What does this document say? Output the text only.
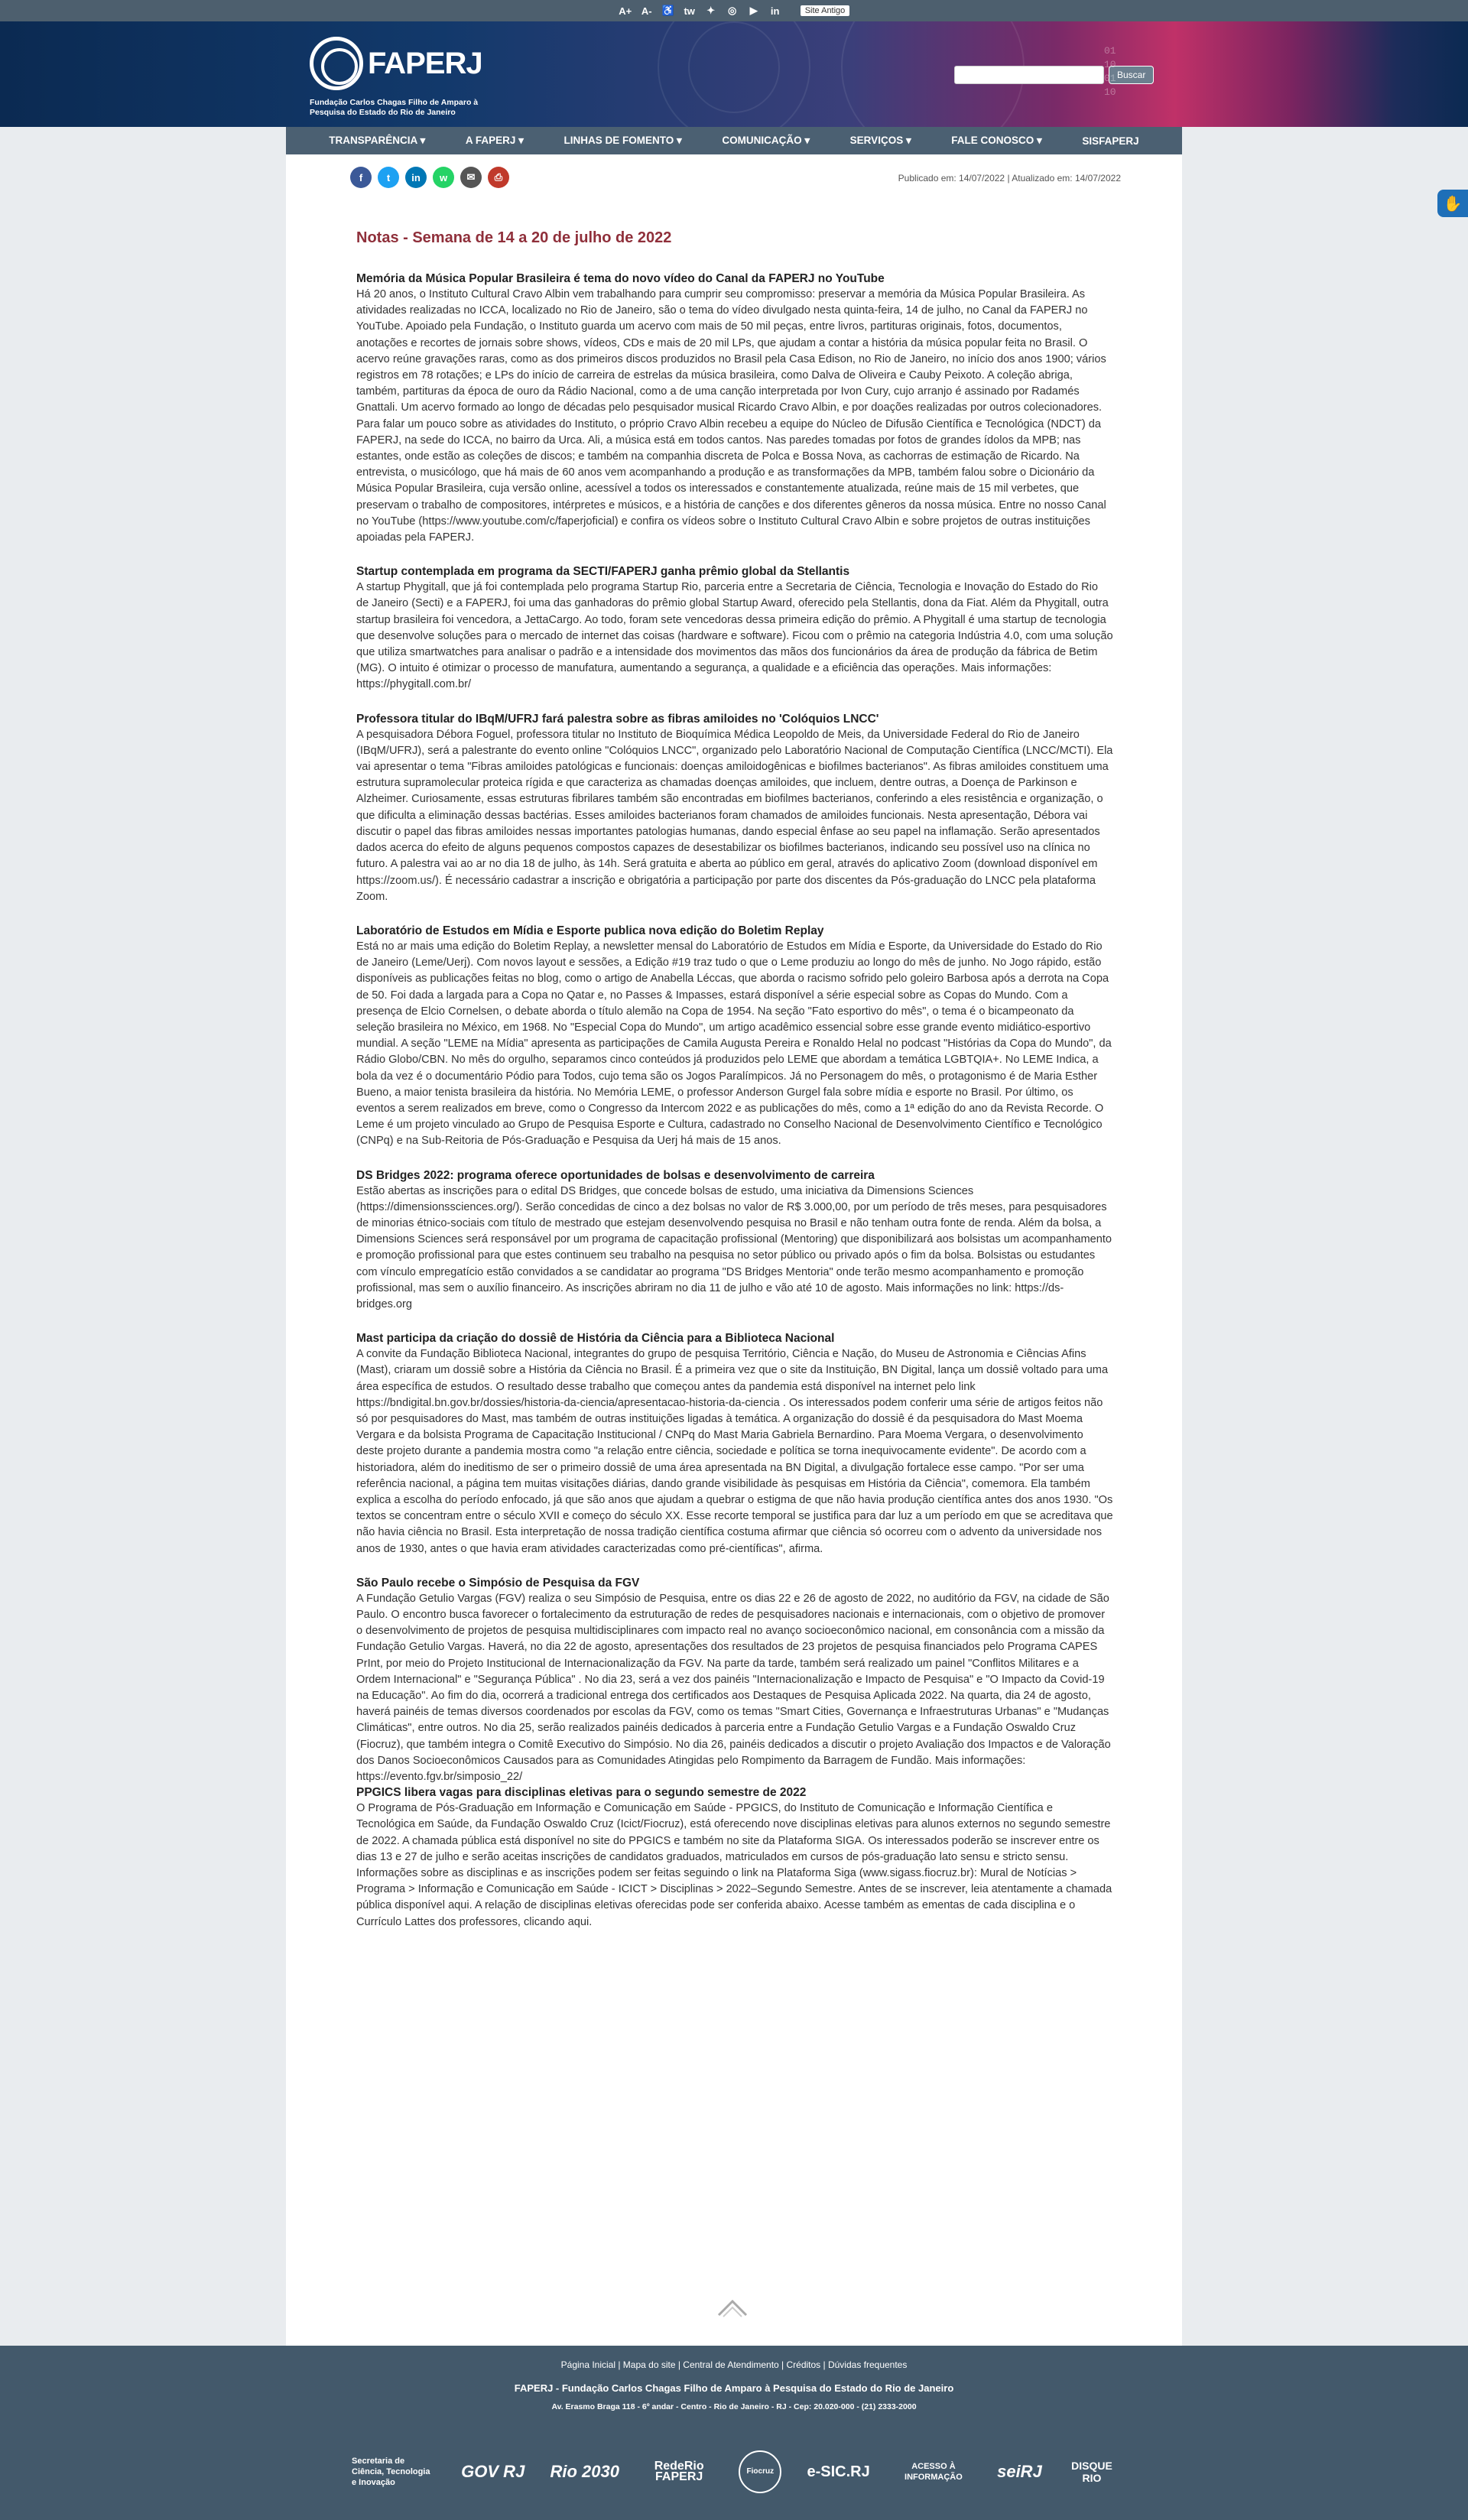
A+ A- ♿ tw ✦ ◎	▶	in	Site Antigo
FAPERJ
Fundação Carlos Chagas Filho de Amparo à Pesquisa do Estado do Rio de Janeiro
Buscar
01100110
TRANSPARÊNCIA ▾	A FAPERJ ▾	LINHAS DE FOMENTO ▾	COMUNICAÇÃO ▾	SERVIÇOS ▾	FALE CONOSCO ▾	SISFAPERJ
✋
f	t	in	w	✉	⎙	Publicado em: 14/07/2022 | Atualizado em: 14/07/2022
Notas - Semana de 14 a 20 de julho de 2022
Memória da Música Popular Brasileira é tema do novo vídeo do Canal da FAPERJ no YouTube

Há 20 anos, o Instituto Cultural Cravo Albin vem trabalhando para cumprir seu compromisso: preservar a memória da Música Popular Brasileira. As atividades realizadas no ICCA, localizado no Rio de Janeiro, são o tema do vídeo divulgado nesta quinta-feira, 14 de julho, no Canal da FAPERJ no YouTube. Apoiado pela Fundação, o Instituto guarda um acervo com mais de 50 mil peças, entre livros, partituras originais, fotos, documentos, anotações e recortes de jornais sobre shows, vídeos, CDs e mais de 20 mil LPs, que ajudam a contar a história da música popular feita no Brasil. O acervo reúne gravações raras, como as dos primeiros discos produzidos no Brasil pela Casa Edison, no Rio de Janeiro, no início dos anos 1900; vários registros em 78 rotações; e LPs do início de carreira de estrelas da música brasileira, como Dalva de Oliveira e Cauby Peixoto. A coleção abriga, também, partituras da época de ouro da Rádio Nacional, como a de uma canção interpretada por Ivon Cury, cujo arranjo é assinado por Radamés Gnattali. Um acervo formado ao longo de décadas pelo pesquisador musical Ricardo Cravo Albin, e por doações realizadas por outros colecionadores. Para falar um pouco sobre as atividades do Instituto, o próprio Cravo Albin recebeu a equipe do Núcleo de Difusão Científica e Tecnológica (NDCT) da FAPERJ, na sede do ICCA, no bairro da Urca. Ali, a música está em todos cantos. Nas paredes tomadas por fotos de grandes ídolos da MPB; nas estantes, onde estão as coleções de discos; e também na companhia discreta de Polca e Bossa Nova, as cachorras de estimação de Ricardo. Na entrevista, o musicólogo, que há mais de 60 anos vem acompanhando a produção e as transformações da MPB, também falou sobre o Dicionário da Música Popular Brasileira, cuja versão online, acessível a todos os interessados e constantemente atualizada, reúne mais de 15 mil verbetes, que preservam o trabalho de compositores, intérpretes e músicos, e a história de canções e dos diferentes gêneros da nossa música. Entre no nosso Canal no YouTube (https://www.youtube.com/c/faperjoficial) e confira os vídeos sobre o Instituto Cultural Cravo Albin e sobre projetos de outras instituições apoiadas pela FAPERJ.

Startup contemplada em programa da SECTI/FAPERJ ganha prêmio global da Stellantis

A startup Phygitall, que já foi contemplada pelo programa Startup Rio, parceria entre a Secretaria de Ciência, Tecnologia e Inovação do Estado do Rio de Janeiro (Secti) e a FAPERJ, foi uma das ganhadoras do prêmio global Startup Award, oferecido pela Stellantis, dona da Fiat. Além da Phygitall, outra startup brasileira foi vencedora, a JettaCargo. Ao todo, foram sete vencedoras dessa primeira edição do prêmio. A Phygitall é uma startup de tecnologia que desenvolve soluções para o mercado de internet das coisas (hardware e software). Ficou com o prêmio na categoria Indústria 4.0, com uma solução que utiliza smartwatches para analisar o padrão e a intensidade dos movimentos das mãos dos funcionários da área de produção da fábrica de Betim (MG). O intuito é otimizar o processo de manufatura, aumentando a segurança, a qualidade e a eficiência das operações. Mais informações: https://phygitall.com.br/

Professora titular do IBqM/UFRJ fará palestra sobre as fibras amiloides no 'Colóquios LNCC'

A pesquisadora Débora Foguel, professora titular no Instituto de Bioquímica Médica Leopoldo de Meis, da Universidade Federal do Rio de Janeiro (IBqM/UFRJ), será a palestrante do evento online "Colóquios LNCC", organizado pelo Laboratório Nacional de Computação Científica (LNCC/MCTI). Ela vai apresentar o tema "Fibras amiloides patológicas e funcionais: doenças amiloidogênicas e biofilmes bacterianos". As fibras amiloides constituem uma estrutura supramolecular proteica rígida e que caracteriza as chamadas doenças amiloides, que incluem, dentre outras, a Doença de Parkinson e Alzheimer. Curiosamente, essas estruturas fibrilares também são encontradas em biofilmes bacterianos, conferindo a eles resistência e organização, o que dificulta a eliminação dessas bactérias. Esses amiloides bacterianos foram chamados de amiloides funcionais. Nesta apresentação, Débora vai discutir o papel das fibras amiloides nessas importantes patologias humanas, dando especial ênfase ao seu papel na inflamação. Serão apresentados dados acerca do efeito de alguns pequenos compostos capazes de desestabilizar os biofilmes bacterianos, indicando seu possível uso na clínica no futuro. A palestra vai ao ar no dia 18 de julho, às 14h. Será gratuita e aberta ao público em geral, através do aplicativo Zoom (download disponível em https://zoom.us/). É necessário cadastrar a inscrição e obrigatória a participação por parte dos discentes da Pós-graduação do LNCC pela plataforma Zoom.

Laboratório de Estudos em Mídia e Esporte publica nova edição do Boletim Replay

Está no ar mais uma edição do Boletim Replay, a newsletter mensal do Laboratório de Estudos em Mídia e Esporte, da Universidade do Estado do Rio de Janeiro (Leme/Uerj). Com novos layout e sessões, a Edição #19 traz tudo o que o Leme produziu ao longo do mês de junho. No Jogo rápido, estão disponíveis as publicações feitas no blog, como o artigo de Anabella Léccas, que aborda o racismo sofrido pelo goleiro Barbosa após a derrota na Copa de 50. Foi dada a largada para a Copa no Qatar e, no Passes & Impasses, estará disponível a série especial sobre as Copas do Mundo. Com a presença de Elcio Cornelsen, o debate aborda o título alemão na Copa de 1954. Na seção "Fato esportivo do mês", o tema é o bicampeonato da seleção brasileira no México, em 1968. No "Especial Copa do Mundo", um artigo acadêmico essencial sobre esse grande evento midiático-esportivo mundial. A seção "LEME na Mídia" apresenta as participações de Camila Augusta Pereira e Ronaldo Helal no podcast "Histórias da Copa do Mundo", da Rádio Globo/CBN. No mês do orgulho, separamos cinco conteúdos já produzidos pelo LEME que abordam a temática LGBTQIA+. No LEME Indica, a bola da vez é o documentário Pódio para Todos, cujo tema são os Jogos Paralímpicos. Já no Personagem do mês, o protagonismo é de Maria Esther Bueno, a maior tenista brasileira da história. No Memória LEME, o professor Anderson Gurgel fala sobre mídia e esporte no Brasil. Por último, os eventos a serem realizados em breve, como o Congresso da Intercom 2022 e as publicações do mês, como a 1ª edição do ano da Revista Recorde. O Leme é um projeto vinculado ao Grupo de Pesquisa Esporte e Cultura, cadastrado no Conselho Nacional de Desenvolvimento Científico e Tecnológico (CNPq) e na Sub-Reitoria de Pós-Graduação e Pesquisa da Uerj há mais de 15 anos.

DS Bridges 2022: programa oferece oportunidades de bolsas e desenvolvimento de carreira

Estão abertas as inscrições para o edital DS Bridges, que concede bolsas de estudo, uma iniciativa da Dimensions Sciences (https://dimensionssciences.org/). Serão concedidas de cinco a dez bolsas no valor de R$ 3.000,00, por um período de três meses, para pesquisadores de minorias étnico-sociais com título de mestrado que estejam desenvolvendo pesquisa no Brasil e não tenham outra fonte de renda. Além da bolsa, a Dimensions Sciences será responsável por um programa de capacitação profissional (Mentoring) que disponibilizará aos bolsistas um acompanhamento e promoção profissional para que estes continuem seu trabalho na pesquisa no setor público ou privado após o fim da bolsa. Bolsistas ou estudantes com vínculo empregatício estão convidados a se candidatar ao programa "DS Bridges Mentoria" onde terão mesmo acompanhamento e promoção profissional, mas sem o auxílio financeiro. As inscrições abriram no dia 11 de julho e vão até 10 de agosto. Mais informações no link: https://ds-bridges.org

Mast participa da criação do dossiê de História da Ciência para a Biblioteca Nacional

A convite da Fundação Biblioteca Nacional, integrantes do grupo de pesquisa Território, Ciência e Nação, do Museu de Astronomia e Ciências Afins (Mast), criaram um dossiê sobre a História da Ciência no Brasil. É a primeira vez que o site da Instituição, BN Digital, lança um dossiê voltado para uma área específica de estudos. O resultado desse trabalho que começou antes da pandemia está disponível na internet pelo link https://bndigital.bn.gov.br/dossies/historia-da-ciencia/apresentacao-historia-da-ciencia . Os interessados podem conferir uma série de artigos feitos não só por pesquisadores do Mast, mas também de outras instituições ligadas à temática. A organização do dossiê é da pesquisadora do Mast Moema Vergara e da bolsista Programa de Capacitação Institucional / CNPq do Mast Maria Gabriela Bernardino. Para Moema Vergara, o desenvolvimento deste projeto durante a pandemia mostra como "a relação entre ciência, sociedade e política se torna inequivocamente evidente". De acordo com a historiadora, além do ineditismo de ser o primeiro dossiê de uma área apresentada na BN Digital, a divulgação fortalece esse campo. "Por ser uma referência nacional, a página tem muitas visitações diárias, dando grande visibilidade às pesquisas em História da Ciência", comemora. Ela também explica a escolha do período enfocado, já que são anos que ajudam a quebrar o estigma de que não havia produção científica antes dos anos 1930. "Os textos se concentram entre o século XVII e começo do século XX. Esse recorte temporal se justifica para dar luz a um período em que se acreditava que não havia ciência no Brasil. Esta interpretação de nossa tradição científica costuma afirmar que ciência só ocorreu com o advento da universidade nos anos de 1930, antes o que havia eram atividades caracterizadas como pré-científicas", afirma.

São Paulo recebe o Simpósio de Pesquisa da FGV

A Fundação Getulio Vargas (FGV) realiza o seu Simpósio de Pesquisa, entre os dias 22 e 26 de agosto de 2022, no auditório da FGV, na cidade de São Paulo. O encontro busca favorecer o fortalecimento da estruturação de redes de pesquisadores nacionais e internacionais, com o objetivo de promover o desenvolvimento de projetos de pesquisa multidisciplinares com impacto real no avanço socioeconômico nacional, em consonância com a missão da Fundação Getulio Vargas. Haverá, no dia 22 de agosto, apresentações dos resultados de 23 projetos de pesquisa financiados pelo Programa CAPES PrInt, por meio do Projeto Institucional de Internacionalização da FGV. Na parte da tarde, também será realizado um painel "Conflitos Militares e a Ordem Internacional" e "Segurança Pública" . No dia 23, será a vez dos painéis "Internacionalização e Impacto de Pesquisa" e "O Impacto da Covid-19 na Educação". Ao fim do dia, ocorrerá a tradicional entrega dos certificados aos Destaques de Pesquisa Aplicada 2022. Na quarta, dia 24 de agosto, haverá painéis de temas diversos coordenados por escolas da FGV, como os temas "Smart Cities, Governança e Infraestruturas Urbanas" e "Mudanças Climáticas", entre outros. No dia 25, serão realizados painéis dedicados à parceria entre a Fundação Getulio Vargas e a Fundação Oswaldo Cruz (Fiocruz), que também integra o Comitê Executivo do Simpósio. No dia 26, painéis dedicados a discutir o projeto Avaliação dos Impactos e de Valoração dos Danos Socioeconômicos Causados para as Comunidades Atingidas pelo Rompimento da Barragem de Fundão. Mais informações: https://evento.fgv.br/simposio_22/

PPGICS libera vagas para disciplinas eletivas para o segundo semestre de 2022

O Programa de Pós-Graduação em Informação e Comunicação em Saúde - PPGICS, do Instituto de Comunicação e Informação Científica e Tecnológica em Saúde, da Fundação Oswaldo Cruz (Icict/Fiocruz), está oferecendo nove disciplinas eletivas para alunos externos no segundo semestre de 2022. A chamada pública está disponível no site do PPGICS e também no site da Plataforma SIGA. Os interessados poderão se inscrever entre os dias 13 e 27 de julho e serão aceitas inscrições de candidatos graduados, matriculados em cursos de pós-graduação lato sensu e stricto sensu. Informações sobre as disciplinas e as inscrições podem ser feitas seguindo o link na Plataforma Siga (www.sigass.fiocruz.br): Mural de Notícias > Programa > Informação e Comunicação em Saúde - ICICT > Disciplinas > 2022–Segundo Semestre. Antes de se inscrever, leia atentamente a chamada pública disponível aqui. A relação de disciplinas eletivas oferecidas pode ser conferida abaixo. Acesse também as ementas de cada disciplina e o Currículo Lattes dos professores, clicando aqui.

Página Inicial | Mapa do site | Central de Atendimento | Créditos | Dúvidas frequentes
FAPERJ - Fundação Carlos Chagas Filho de Amparo à Pesquisa do Estado do Rio de Janeiro
Av. Erasmo Braga 118 - 6º andar - Centro - Rio de Janeiro - RJ - Cep: 20.020-000 - (21) 2333-2000
Secretaria de Ciência, Tecnologia e Inovação
GOV RJ Rio 2030	RedeRio FAPERJ	Fiocruz	e-SIC.RJ	ACESSO À INFORMAÇÃO	seiRJ	DISQUE RIO
